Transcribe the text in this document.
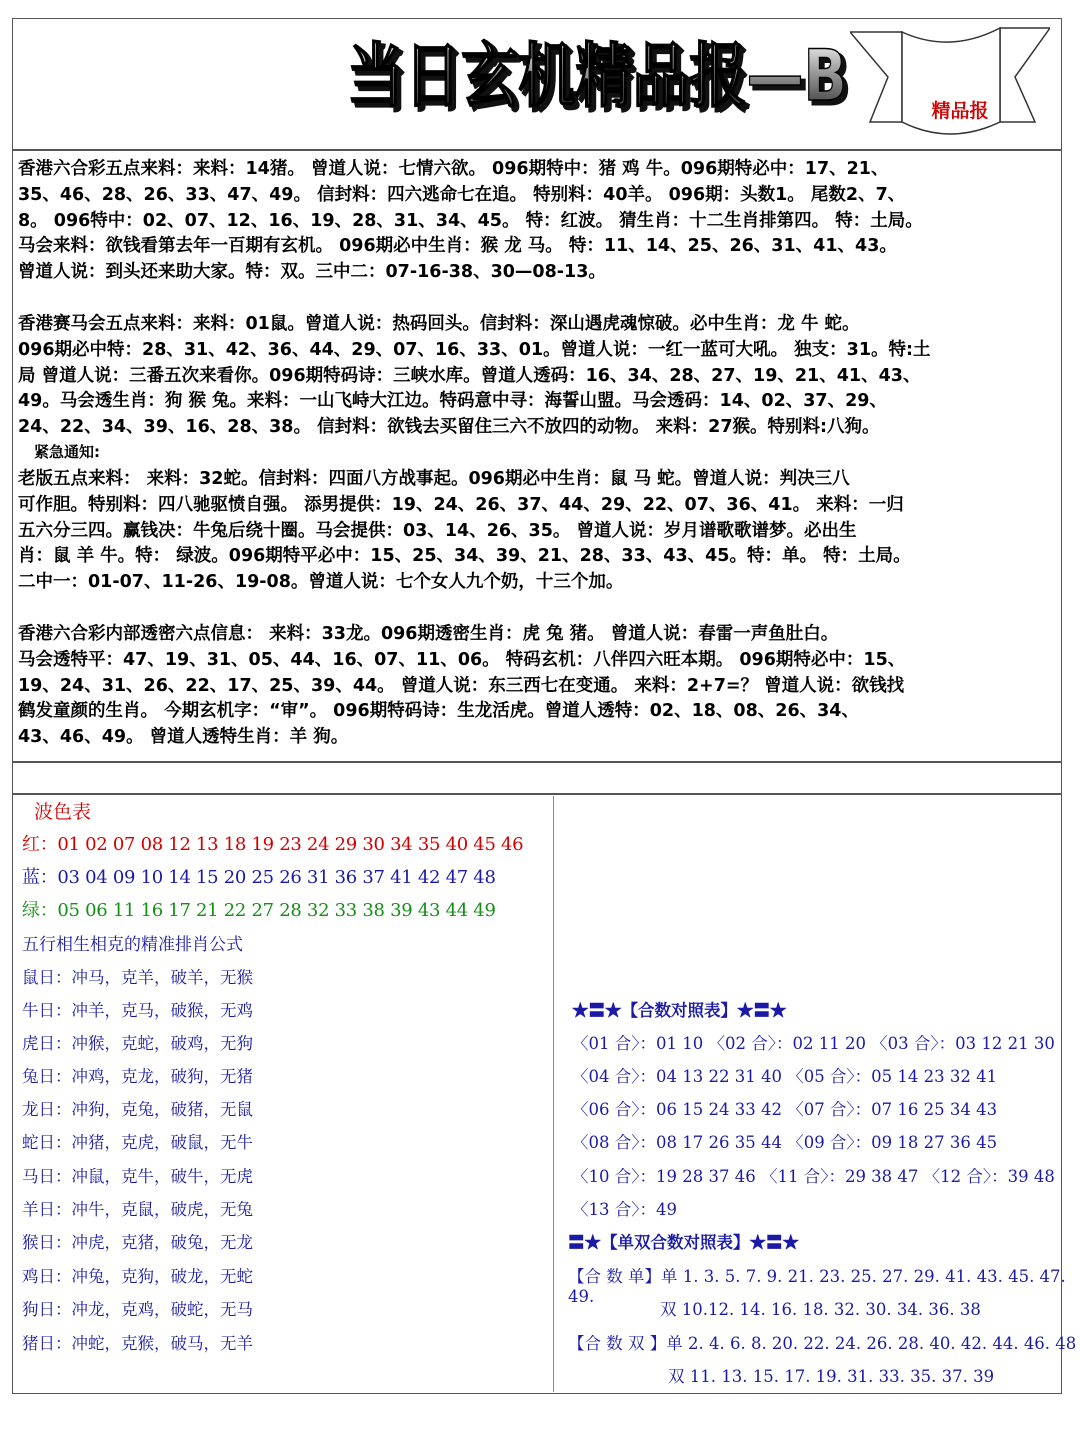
当日玄机精品报—B
当日玄机精品报—B	精品报

香港六合彩五点来料：来料：14猪。 曾道人说：七情六欲。 096期特中：猪 鸡 牛。096期特必中：17、21、

35、46、28、26、33、47、49。 信封料：四六逃命七在追。 特别料：40羊。 096期：头数1。 尾数2、7、

8。 096特中：02、07、12、16、19、28、31、34、45。 特：红波。 猜生肖：十二生肖排第四。 特：土局。

马会来料：欲钱看第去年一百期有玄机。 096期必中生肖：猴 龙 马。 特：11、14、25、26、31、41、43。

曾道人说：到头还来助大家。特：双。三中二：07-16-38、30—08-13。

香港赛马会五点来料：来料：01鼠。曾道人说：热码回头。信封料：深山遇虎魂惊破。必中生肖：龙 牛 蛇。

096期必中特：28、31、42、36、44、29、07、16、33、01。曾道人说：一红一蓝可大吼。 独支：31。特:土

局 曾道人说：三番五次来看你。096期特码诗：三峡水库。曾道人透码：16、34、28、27、19、21、41、43、

49。马会透生肖：狗 猴 兔。来料：一山飞峙大江边。特码意中寻：海誓山盟。马会透码：14、02、37、29、

24、22、34、39、16、28、38。 信封料：欲钱去买留住三六不放四的动物。 来料：27猴。特别料:八狗。

老版五点来料： 来料：32蛇。信封料：四面八方战事起。096期必中生肖：鼠 马 蛇。曾道人说：判决三八

可作胆。特别料：四八驰驱愤自强。 添男提供：19、24、26、37、44、29、22、07、36、41。 来料：一归

五六分三四。赢钱决：牛兔后绕十圈。马会提供：03、14、26、35。 曾道人说：岁月谱歌歌谱梦。必出生

肖：鼠 羊 牛。特： 绿波。096期特平必中：15、25、34、39、21、28、33、43、45。特：单。 特：土局。

二中一：01-07、11-26、19-08。曾道人说：七个女人九个奶，十三个加。

香港六合彩内部透密六点信息： 来料：33龙。096期透密生肖：虎 兔 猪。 曾道人说：春雷一声鱼肚白。

马会透特平：47、19、31、05、44、16、07、11、06。 特码玄机：八伴四六旺本期。 096期特必中：15、

19、24、31、26、22、17、25、39、44。 曾道人说：东三西七在变通。 来料：2+7=？ 曾道人说：欲钱找

鹤发童颜的生肖。 今期玄机字：“审”。 096期特码诗：生龙活虎。曾道人透特：02、18、08、26、34、

43、46、49。 曾道人透特生肖：羊 狗。

紧急通知:
波色表
红：01 02 07 08 12 13 18 19 23 24 29 30 34 35 40 45 46
蓝：03 04 09 10 14 15 20 25 26 31 36 37 41 42 47 48
绿：05 06 11 16 17 21 22 27 28 32 33 38 39 43 44 49
五行相生相克的精准排肖公式
鼠日：冲马，克羊，破羊，无猴
牛日：冲羊，克马，破猴，无鸡
虎日：冲猴，克蛇，破鸡，无狗
兔日：冲鸡，克龙，破狗，无猪
龙日：冲狗，克兔，破猪，无鼠
蛇日：冲猪，克虎，破鼠，无牛
马日：冲鼠，克牛，破牛，无虎
羊日：冲牛，克鼠，破虎，无兔
猴日：冲虎，克猪，破兔，无龙
鸡日：冲兔，克狗，破龙，无蛇
狗日：冲龙，克鸡，破蛇，无马
猪日：冲蛇，克猴，破马，无羊
★〓★【合数对照表】★〓★
〈01 合〉：01 10 〈02 合〉：02 11 20 〈03 合〉：03 12 21 30
〈04 合〉：04 13 22 31 40 〈05 合〉：05 14 23 32 41
〈06 合〉：06 15 24 33 42 〈07 合〉：07 16 25 34 43
〈08 合〉：08 17 26 35 44 〈09 合〉：09 18 27 36 45
〈10 合〉：19 28 37 46 〈11 合〉：29 38 47 〈12 合〉：39 48
〈13 合〉：49
〓★【单双合数对照表】★〓★
【合 数 单】单 1. 3. 5. 7. 9. 21. 23. 25. 27. 29. 41. 43. 45. 47. 49.
双 10.12. 14. 16. 18. 32. 30. 34. 36. 38
【合 数 双 】单 2. 4. 6. 8. 20. 22. 24. 26. 28. 40. 42. 44. 46. 48
双 11. 13. 15. 17. 19. 31. 33. 35. 37. 39
